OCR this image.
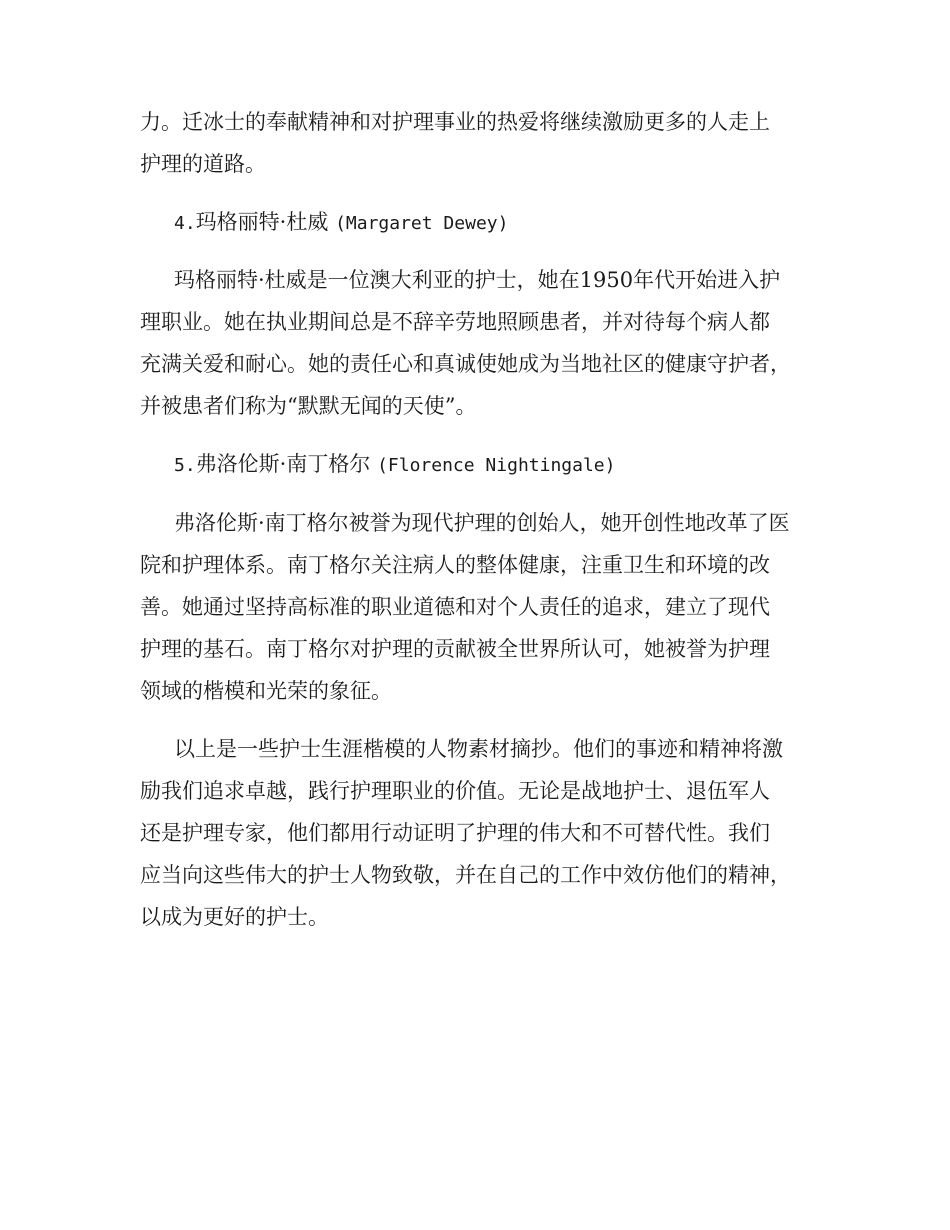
力。迁冰士的奉献精神和对护理事业的热爱将继续激励更多的人走上
护理的道路。
4.玛格丽特·杜威 (Margaret Dewey)
玛格丽特·杜威是一位澳大利亚的护士，她在1950年代开始进入护
理职业。她在执业期间总是不辞辛劳地照顾患者，并对待每个病人都
充满关爱和耐心。她的责任心和真诚使她成为当地社区的健康守护者，
并被患者们称为“默默无闻的天使”。
5.弗洛伦斯·南丁格尔 (Florence Nightingale)
弗洛伦斯·南丁格尔被誉为现代护理的创始人，她开创性地改革了医
院和护理体系。南丁格尔关注病人的整体健康，注重卫生和环境的改
善。她通过坚持高标准的职业道德和对个人责任的追求，建立了现代
护理的基石。南丁格尔对护理的贡献被全世界所认可，她被誉为护理
领域的楷模和光荣的象征。
以上是一些护士生涯楷模的人物素材摘抄。他们的事迹和精神将激
励我们追求卓越，践行护理职业的价值。无论是战地护士、退伍军人
还是护理专家，他们都用行动证明了护理的伟大和不可替代性。我们
应当向这些伟大的护士人物致敬，并在自己的工作中效仿他们的精神，
以成为更好的护士。
